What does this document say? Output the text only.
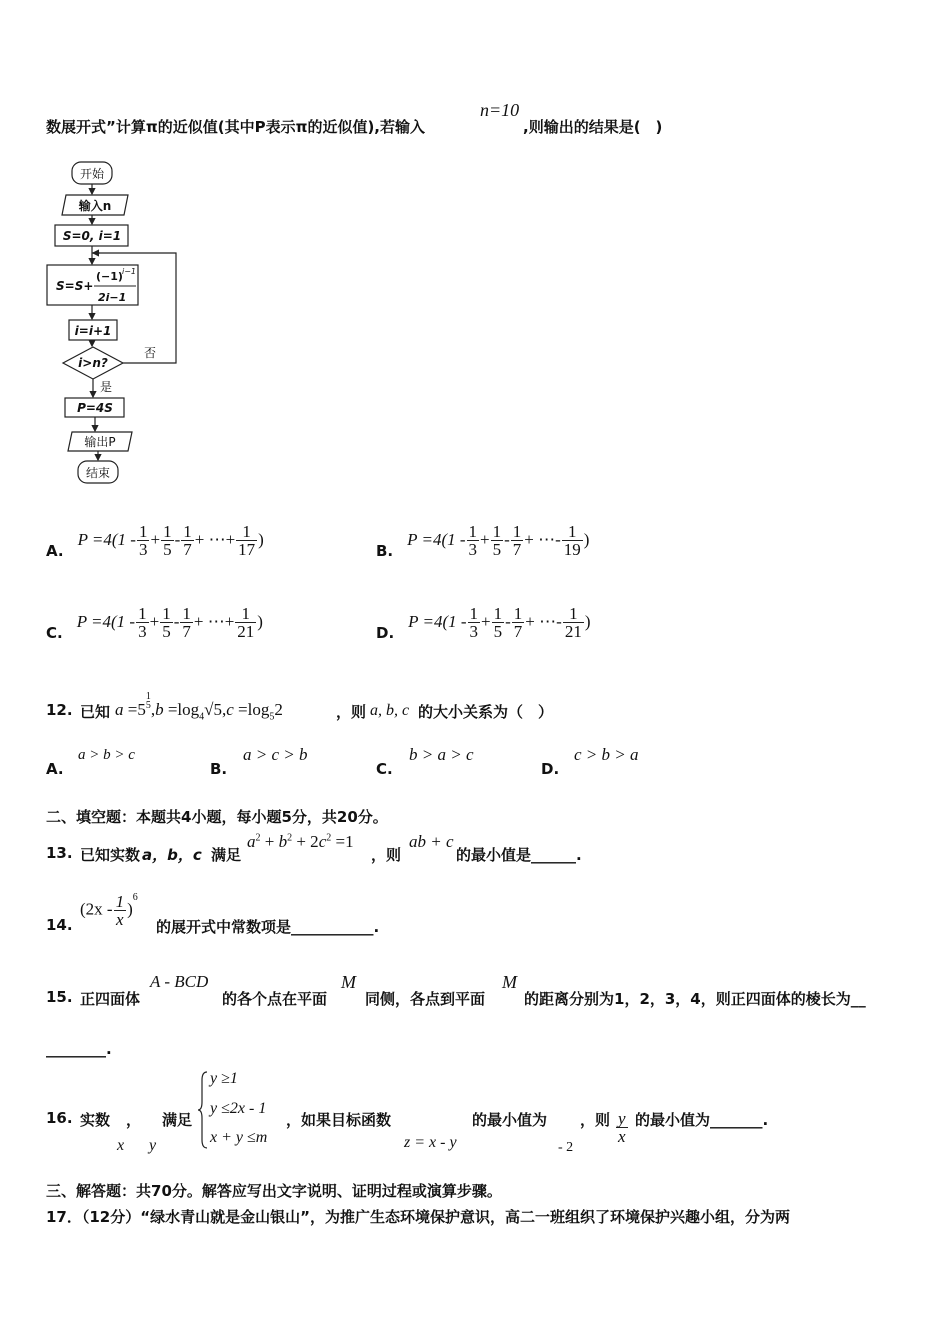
数展开式”计算π的近似值(其中P表示π的近似值),若输入
n=10
,则输出的结果是(　)
开始
输入n
S=0, i=1
S=S+
(−1) i−1
2i−1
i=i+1
i>n?
否
是
P=4S
输出P
结束
A.
$P =4(1 - \frac{1}{3} + \frac{1}{5} - \frac{1}{7}$ + ⋯ + $\frac{1}{17}$ )
B.
$P =4(1 - \frac{1}{3} + \frac{1}{5} - \frac{1}{7}$ + ⋯ - $\frac{1}{19}$ )
C.
$P =4(1 - \frac{1}{3} + \frac{1}{5} - \frac{1}{7}$ + ⋯ + $\frac{1}{21}$ )
D.
$P =4(1 - \frac{1}{3} + \frac{1}{5} - \frac{1}{7}$ + ⋯ - $\frac{1}{21}$ )
12. 已知 $a =5^{1 5},b =\log_4√5,c =\log_52$	，则 a, b, c 的大小关系为（　）
A.
a > b > c
B.
a > c > b
C.
b > a > c
D.
c > b > a
二、填空题：本题共4小题，每小题5分，共20分。
13. 已知实数 a，b，c 满足
$a^2 + b^2 + 2c^2 =1$
，则
ab + c
的最小值是______.
14.
$(2x - \frac{1}{x} )^6$
的展开式中常数项是___________.
15. 正四面体
A - BCD
的各个点在平面
M
同侧，各点到平面
M
的距离分别为1，2，3，4，则正四面体的棱长为__
________.
16. 实数 ，
x y
满足
y ≥1
y ≤2x - 1
x + y ≤m
，如果目标函数
z = x - y
的最小值为
- 2
，则 $\frac{y}{x}$ 的最小值为_______.
三、解答题：共70分。解答应写出文字说明、证明过程或演算步骤。
17．（12分）“绿水青山就是金山银山”，为推广生态环境保护意识，高二一班组织了环境保护兴趣小组，分为两
